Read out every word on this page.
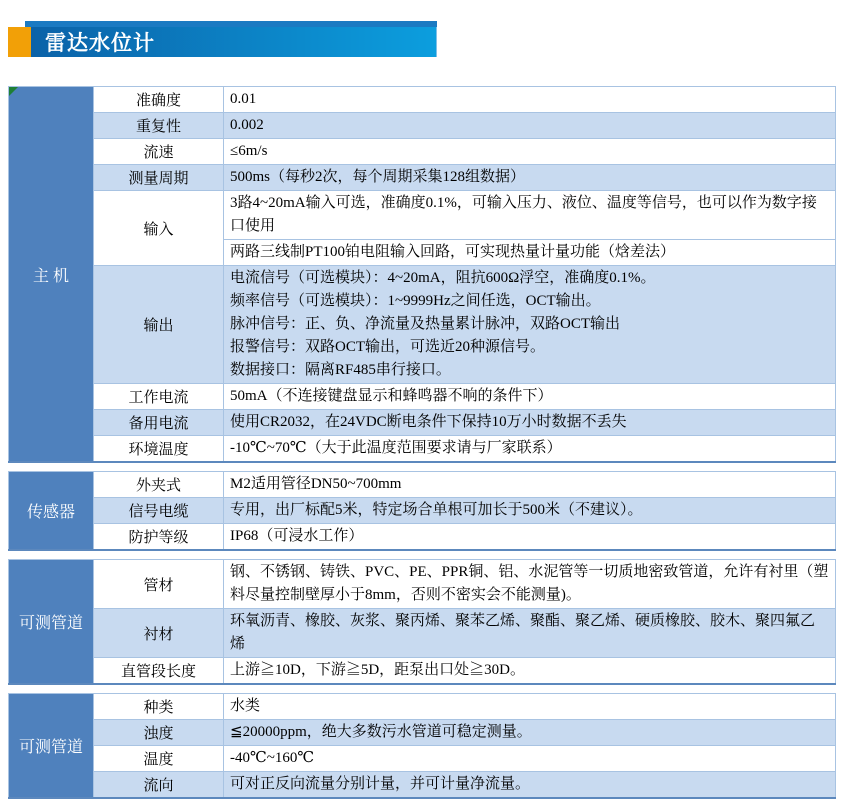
雷达水位计
主 机	准确度	0.01

	重复性	0.002

	流速	≤6m/s

	测量周期	500ms（每秒2次，每个周期采集128组数据）

	输入	3路4~20mA输入可选，准确度0.1%，可输入压力、液位、温度等信号，也可以作为数字接口使用

		两路三线制PT100铂电阻输入回路，可实现热量计量功能（焓差法）

	输出	电流信号（可选模块）：4~20mA，阻抗600Ω浮空，准确度0.1%。
频率信号（可选模块）：1~9999Hz之间任选，OCT输出。
脉冲信号：正、负、净流量及热量累计脉冲，双路OCT输出
报警信号：双路OCT输出，可选近20种源信号。
数据接口：隔离RF485串行接口。

	工作电流	50mA（不连接键盘显示和蜂鸣器不响的条件下）

	备用电流	使用CR2032，在24VDC断电条件下保持10万小时数据不丢失

	环境温度	-10℃~70℃（大于此温度范围要求请与厂家联系）
传感器	外夹式	M2适用管径DN50~700mm

	信号电缆	专用，出厂标配5米，特定场合单根可加长于500米（不建议）。

	防护等级	IP68（可浸水工作）
可测管道	管材	钢、不锈钢、铸铁、PVC、PE、PPR铜、铝、水泥管等一切质地密致管道，允许有衬里（塑料尽量控制壁厚小于8mm，否则不密实会不能测量)。

	衬材	环氧沥青、橡胶、灰浆、聚丙烯、聚苯乙烯、聚酯、聚乙烯、硬质橡胶、胶木、聚四氟乙烯

	直管段长度	上游≧10D，下游≧5D，距泵出口处≧30D。
可测管道	种类	水类

	浊度	≦20000ppm，绝大多数污水管道可稳定测量。

	温度	-40℃~160℃

	流向	可对正反向流量分别计量，并可计量净流量。
